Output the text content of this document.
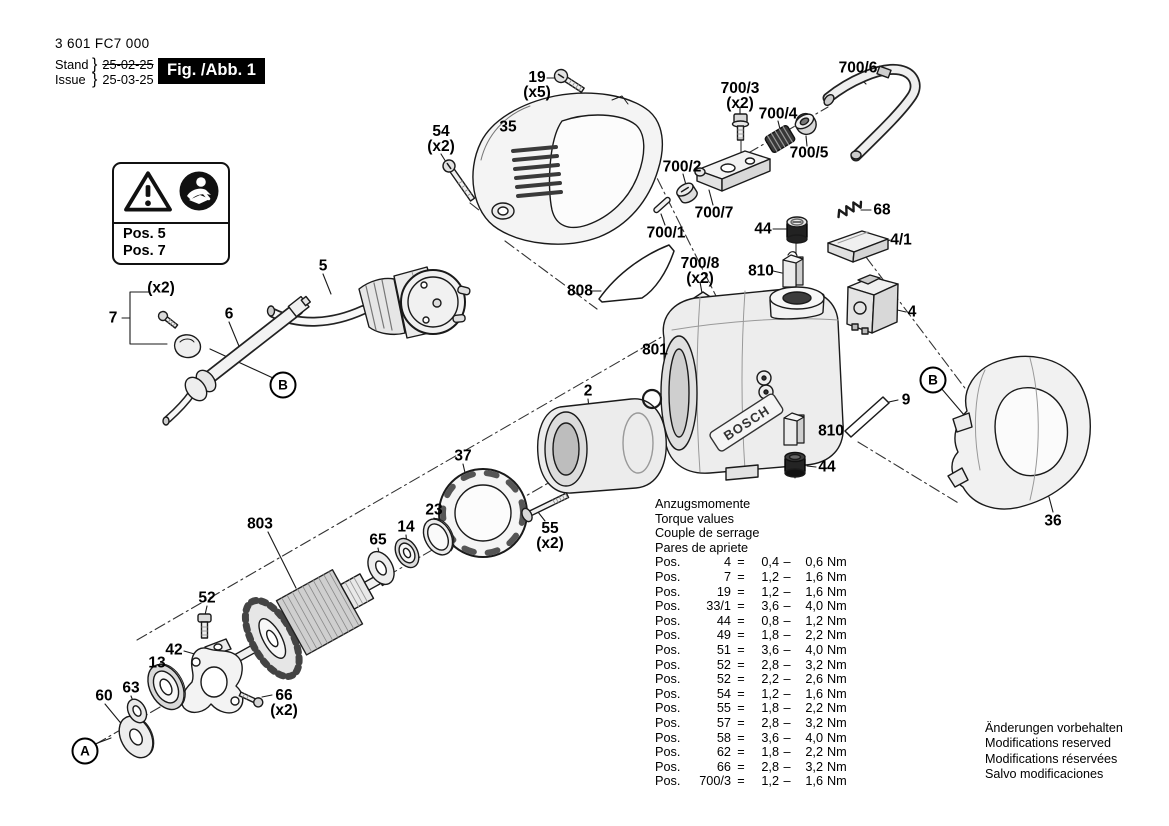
BOSCH
3 601 FC7 000
Stand } 25-02-25
Issue } 25-03-25 Fig. /Abb. 1
Pos. 5
Pos. 7
19
(x5)
35
54
(x2)
700/3
(x2)
700/4
700/6
700/5
700/2
700/7
700/1
68
44
810
4/1
700/8
(x2)
808
801
4
9
810
44
36
5
6
7
(x2)
2
37
23
14
65
55
(x2)
803
52
42
13
63
60	66
(x2)
A
B	B
Anzugsmomente
Torque values
Couple de serrage
Pares de apriete
Pos.	4 =	0,4 –	0,6 Nm
Pos.	7 =	1,2 –	1,6 Nm
Pos.	19 =	1,2 –	1,6 Nm
Pos.	33/1 =	3,6 –	4,0 Nm
Pos.	44 =	0,8 –	1,2 Nm
Pos.	49 =	1,8 –	2,2 Nm
Pos.	51 =	3,6 –	4,0 Nm
Pos.	52 =	2,8 –	3,2 Nm
Pos.	52 =	2,2 –	2,6 Nm
Pos.	54 =	1,2 –	1,6 Nm
Pos.	55 =	1,8 –	2,2 Nm
Pos.	57 =	2,8 –	3,2 Nm
Pos.	58 =	3,6 –	4,0 Nm
Pos.	62 =	1,8 –	2,2 Nm
Pos.	66 =	2,8 –	3,2 Nm
Pos.	700/3 =	1,2 –	1,6 Nm
Änderungen vorbehalten
Modifications reserved
Modifications réservées
Salvo modificaciones
